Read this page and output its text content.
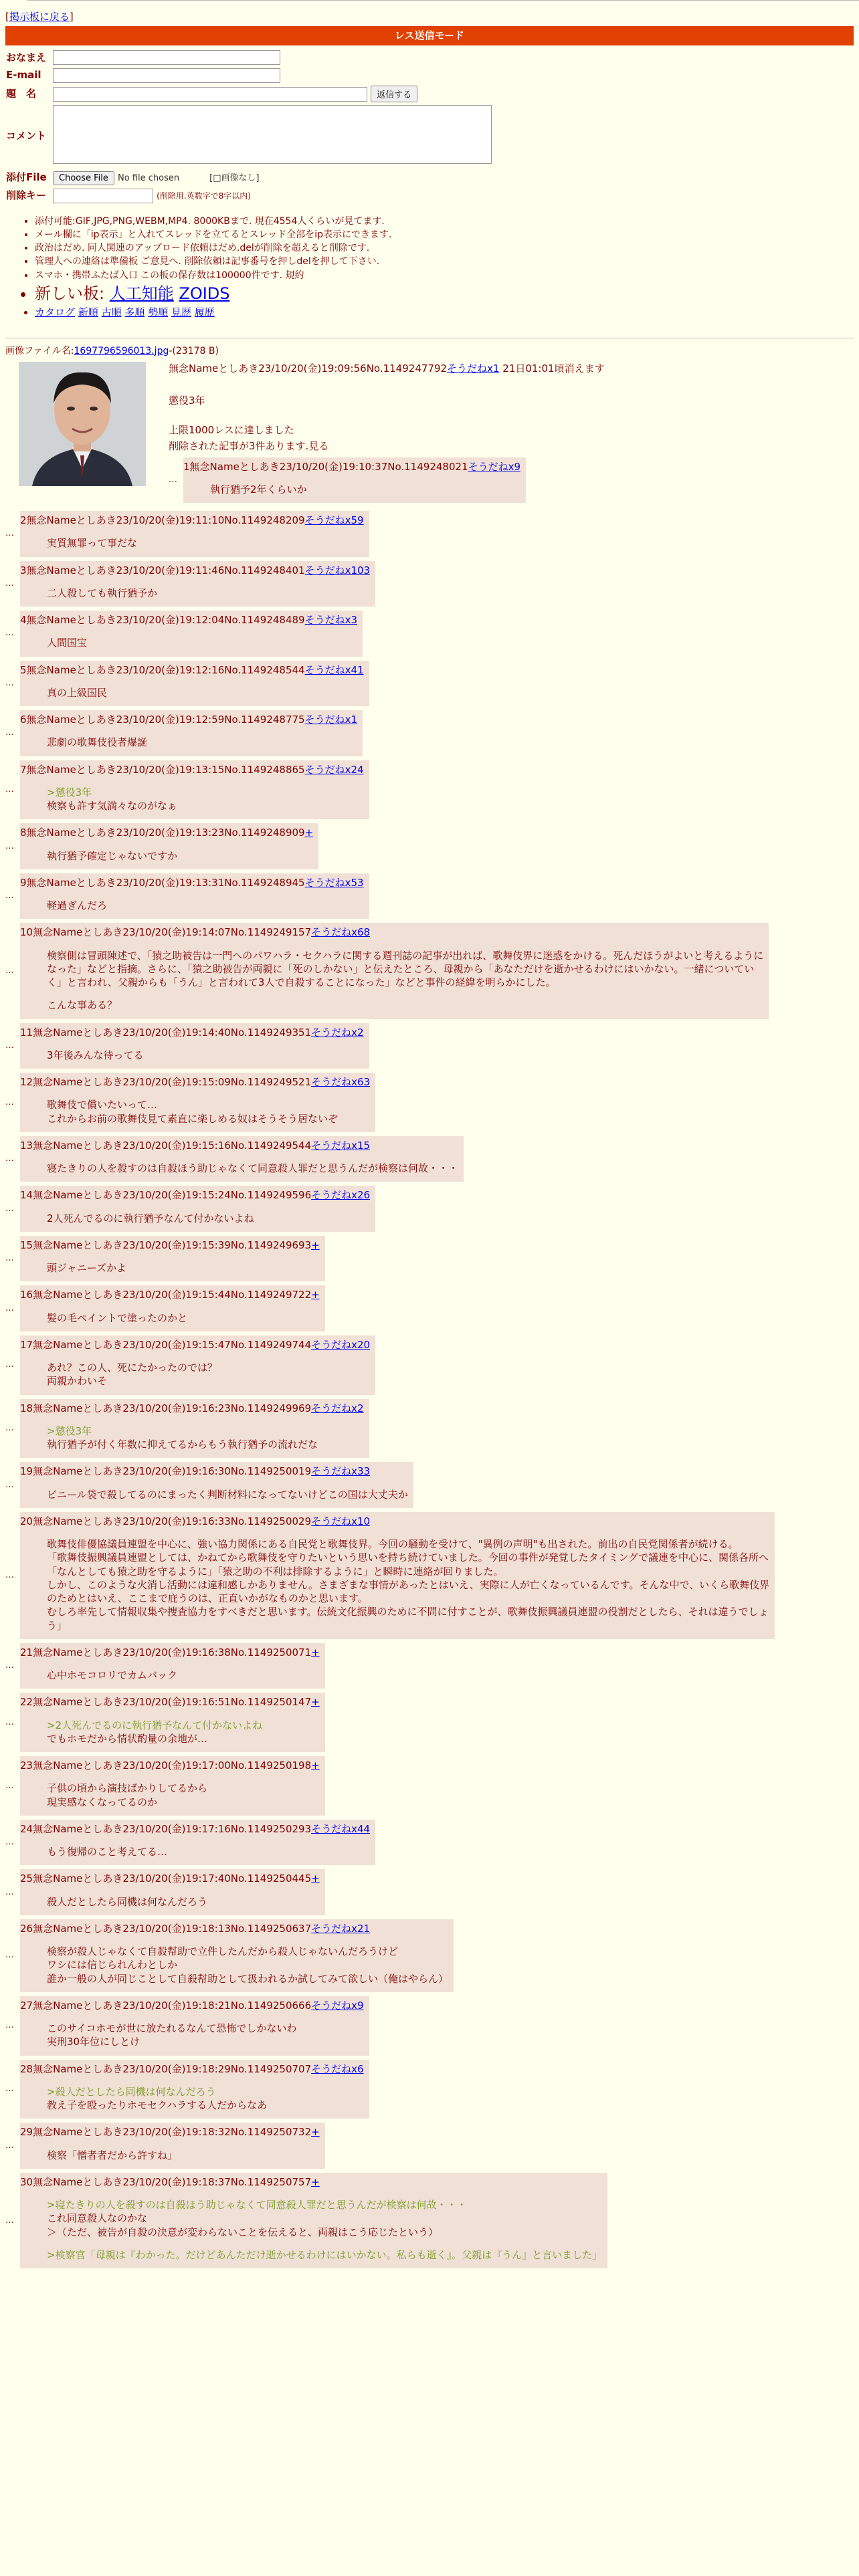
[掲示板に戻る]
レス送信モード
おなまえ	
E-mail	
題　名	返信する
コメント	
添付File	Choose File No file chosen [□画像なし]
削除キー	(削除用.英数字で8字以内)
• 添付可能:GIF,JPG,PNG,WEBM,MP4. 8000KBまで. 現在4554人くらいが見てます.
• メール欄に「ip表示」と入れてスレッドを立てるとスレッド全部をip表示にできます.
• 政治はだめ. 同人関連のアップロード依頼はだめ.delが削除を超えると削除です.
• 管理人への連絡は準備板 ご意見へ. 削除依頼は記事番号を押しdelを押して下さい.
• スマホ・携帯ふたば入口 この板の保存数は100000件です. 規約
• 新しい板: 人工知能 ZOIDS
• カタログ 新順 古順 多順 勢順 見歴 履歴
画像ファイル名:1697796596013.jpg-(23178 B)
無念Nameとしあき23/10/20(金)19:09:56No.1149247792そうだねx1 21日01:01頃消えます
懲役3年
上限1000レスに達しました
削除された記事が3件あります.見る
…
1無念Nameとしあき23/10/20(金)19:10:37No.1149248021そうだねx9

執行猶予2年くらいか

…
2無念Nameとしあき23/10/20(金)19:11:10No.1149248209そうだねx59

実質無罪って事だな

…
3無念Nameとしあき23/10/20(金)19:11:46No.1149248401そうだねx103

二人殺しても執行猶予か

…
4無念Nameとしあき23/10/20(金)19:12:04No.1149248489そうだねx3

人間国宝

…
5無念Nameとしあき23/10/20(金)19:12:16No.1149248544そうだねx41

真の上級国民

…
6無念Nameとしあき23/10/20(金)19:12:59No.1149248775そうだねx1

悲劇の歌舞伎役者爆誕

…
7無念Nameとしあき23/10/20(金)19:13:15No.1149248865そうだねx24

>懲役3年

検察も許す気満々なのがなぁ

…
8無念Nameとしあき23/10/20(金)19:13:23No.1149248909+

執行猶予確定じゃないですか

…
9無念Nameとしあき23/10/20(金)19:13:31No.1149248945そうだねx53

軽過ぎんだろ

…
10無念Nameとしあき23/10/20(金)19:14:07No.1149249157そうだねx68

検察側は冒頭陳述で、「猿之助被告は一門へのパワハラ・セクハラに関する週刊誌の記事が出れば、歌舞伎界に迷惑をかける。死んだほうがよいと考えるように

なった」などと指摘。さらに、「猿之助被告が両親に「死のしかない」と伝えたところ、母親から「あなただけを逝かせるわけにはいかない。一緒についてい

く」と言われ、父親からも「うん」と言われて3人で自殺することになった」などと事件の経緯を明らかにした。

こんな事ある？

…
11無念Nameとしあき23/10/20(金)19:14:40No.1149249351そうだねx2

3年後みんな待ってる

…
12無念Nameとしあき23/10/20(金)19:15:09No.1149249521そうだねx63

歌舞伎で償いたいって…

これからお前の歌舞伎見て素直に楽しめる奴はそうそう居ないぞ

…
13無念Nameとしあき23/10/20(金)19:15:16No.1149249544そうだねx15

寝たきりの人を殺すのは自殺ほう助じゃなくて同意殺人罪だと思うんだが検察は何故・・・

…
14無念Nameとしあき23/10/20(金)19:15:24No.1149249596そうだねx26

2人死んでるのに執行猶予なんて付かないよね

…
15無念Nameとしあき23/10/20(金)19:15:39No.1149249693+

頭ジャニーズかよ

…
16無念Nameとしあき23/10/20(金)19:15:44No.1149249722+

髪の毛ペイントで塗ったのかと

…
17無念Nameとしあき23/10/20(金)19:15:47No.1149249744そうだねx20

あれ？この人、死にたかったのでは？

両親かわいそ

…
18無念Nameとしあき23/10/20(金)19:16:23No.1149249969そうだねx2

>懲役3年

執行猶予が付く年数に抑えてるからもう執行猶予の流れだな

…
19無念Nameとしあき23/10/20(金)19:16:30No.1149250019そうだねx33

ビニール袋で殺してるのにまったく判断材料になってないけどこの国は大丈夫か

…
20無念Nameとしあき23/10/20(金)19:16:33No.1149250029そうだねx10

歌舞伎俳優協議員連盟を中心に、強い協力関係にある自民党と歌舞伎界。今回の騒動を受けて、"異例の声明"も出された。前出の自民党関係者が続ける。

「歌舞伎振興議員連盟としては、かねてから歌舞伎を守りたいという思いを持ち続けていました。今回の事件が発覚したタイミングで議連を中心に、関係各所へ

「なんとしても猿之助を守るように」「猿之助の不利は排除するように」と瞬時に連絡が回りました。

しかし、このような火消し活動には違和感しかありません。さまざまな事情があったとはいえ、実際に人が亡くなっているんです。そんな中で、いくら歌舞伎界

のためとはいえ、ここまで庇うのは、正直いかがなものかと思います。

むしろ率先して情報収集や捜査協力をすべきだと思います。伝統文化振興のために不問に付すことが、歌舞伎振興議員連盟の役割だとしたら、それは違うでしょ

う」

…
21無念Nameとしあき23/10/20(金)19:16:38No.1149250071+

心中ホモコロリでカムバック

…
22無念Nameとしあき23/10/20(金)19:16:51No.1149250147+

>2人死んでるのに執行猶予なんて付かないよね

でもホモだから情状酌量の余地が…

…
23無念Nameとしあき23/10/20(金)19:17:00No.1149250198+

子供の頃から演技ばかりしてるから

現実感なくなってるのか

…
24無念Nameとしあき23/10/20(金)19:17:16No.1149250293そうだねx44

もう復帰のこと考えてる…

…
25無念Nameとしあき23/10/20(金)19:17:40No.1149250445+

殺人だとしたら同機は何なんだろう

…
26無念Nameとしあき23/10/20(金)19:18:13No.1149250637そうだねx21

検察が殺人じゃなくて自殺幇助で立件したんだから殺人じゃないんだろうけど

ワシには信じられんわとしか

誰か一般の人が同じことして自殺幇助として扱われるか試してみて欲しい（俺はやらん）

…
27無念Nameとしあき23/10/20(金)19:18:21No.1149250666そうだねx9

このサイコホモが世に放たれるなんて恐怖でしかないわ

実刑30年位にしとけ

…
28無念Nameとしあき23/10/20(金)19:18:29No.1149250707そうだねx6

>殺人だとしたら同機は何なんだろう

教え子を殴ったりホモセクハラする人だからなあ

…
29無念Nameとしあき23/10/20(金)19:18:32No.1149250732+

検察「憎者者だから許すね」

…
30無念Nameとしあき23/10/20(金)19:18:37No.1149250757+

>寝たきりの人を殺すのは自殺ほう助じゃなくて同意殺人罪だと思うんだが検察は何故・・・

これ同意殺人なのかな

＞（ただ、被告が自殺の決意が変わらないことを伝えると、両親はこう応じたという）

>検察官「母親は『わかった。だけどあんただけ逝かせるわけにはいかない。私らも逝く』。父親は『うん』と言いました」
